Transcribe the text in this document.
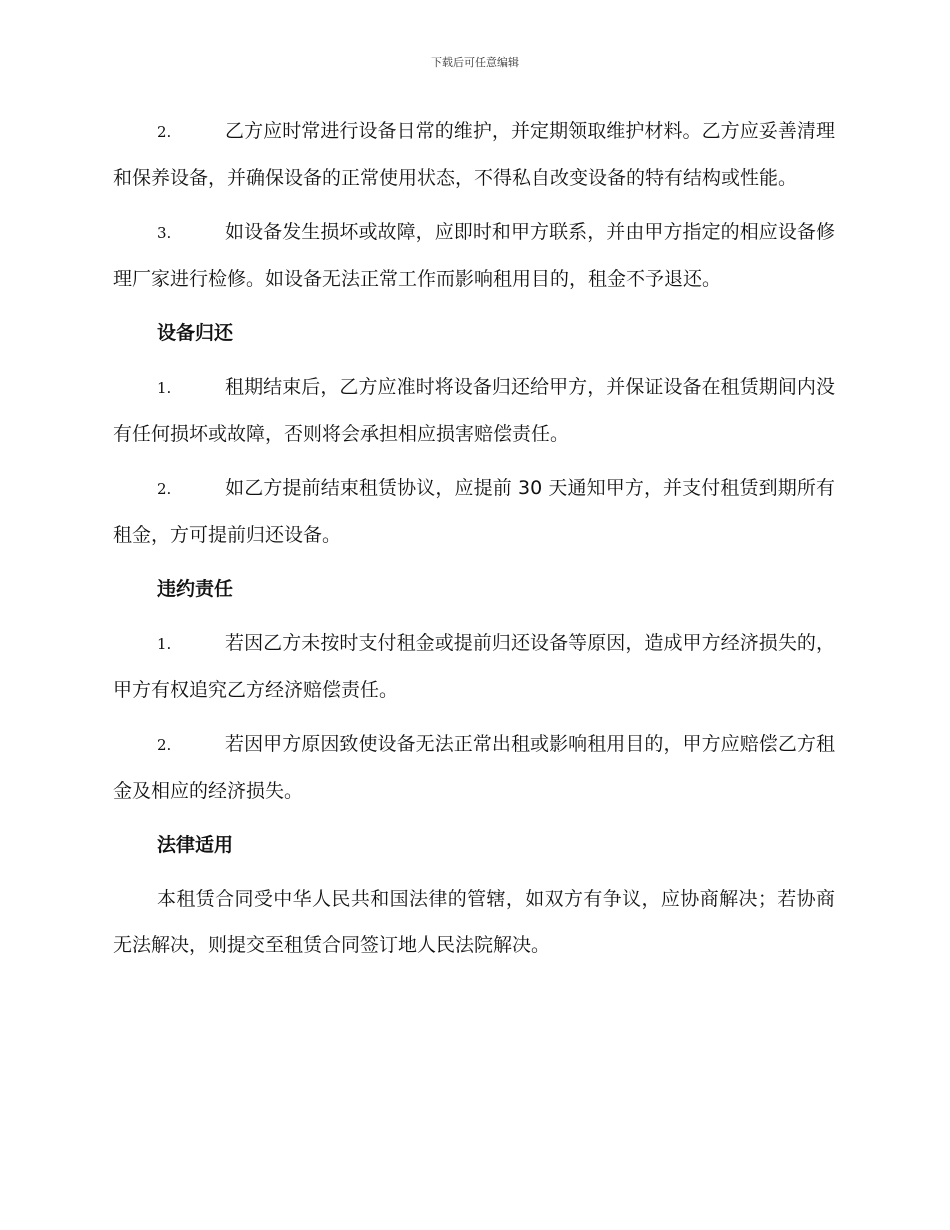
下载后可任意编辑

2.	乙方应时常进行设备日常的维护，并定期领取维护材料。乙方应妥善清理和保养设备，并确保设备的正常使用状态，不得私自改变设备的特有结构或性能。

3.	如设备发生损坏或故障，应即时和甲方联系，并由甲方指定的相应设备修理厂家进行检修。如设备无法正常工作而影响租用目的，租金不予退还。

设备归还

1.	租期结束后，乙方应准时将设备归还给甲方，并保证设备在租赁期间内没有任何损坏或故障，否则将会承担相应损害赔偿责任。

2.	如乙方提前结束租赁协议，应提前 30 天通知甲方，并支付租赁到期所有租金，方可提前归还设备。

违约责任

1.	若因乙方未按时支付租金或提前归还设备等原因，造成甲方经济损失的，甲方有权追究乙方经济赔偿责任。

2.	若因甲方原因致使设备无法正常出租或影响租用目的，甲方应赔偿乙方租金及相应的经济损失。

法律适用

本租赁合同受中华人民共和国法律的管辖，如双方有争议，应协商解决；若协商无法解决，则提交至租赁合同签订地人民法院解决。
